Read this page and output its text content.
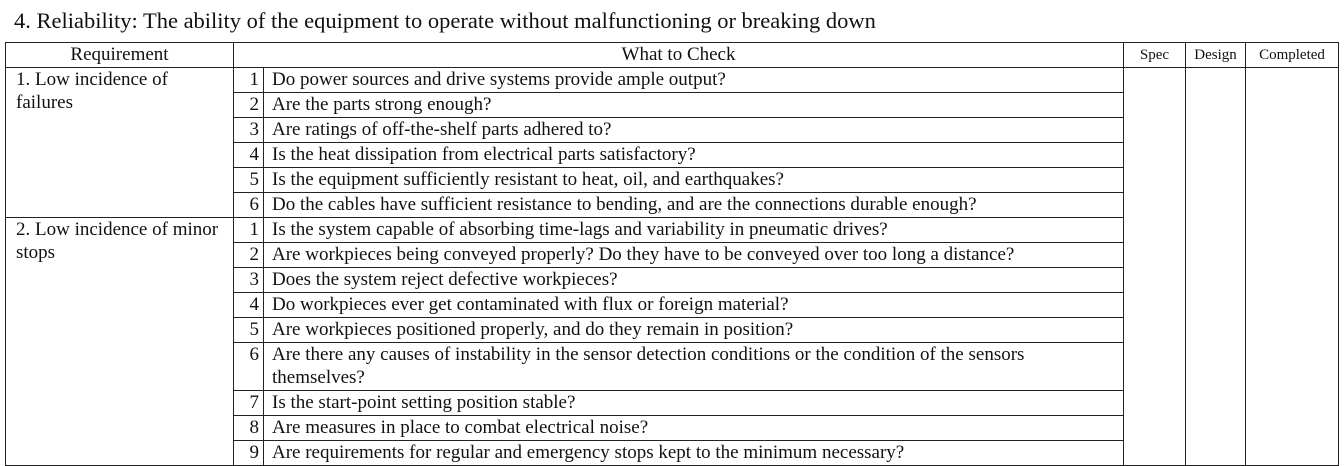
4. Reliability: The ability of the equipment to operate without malfunctioning or breaking down
Requirement	What to Check		Spec	Design	Completed
1. Low incidence of failures	1	Do power sources and drive systems provide ample output?			
	2	Are the parts strong enough?			
	3	Are ratings of off-the-shelf parts adhered to?			
	4	Is the heat dissipation from electrical parts satisfactory?			
	5	Is the equipment sufficiently resistant to heat, oil, and earthquakes?			
	6	Do the cables have sufficient resistance to bending, and are the connections durable enough?			
2. Low incidence of minor stops	1	Is the system capable of absorbing time-lags and variability in pneumatic drives?			
	2	Are workpieces being conveyed properly? Do they have to be conveyed over too long a distance?			
	3	Does the system reject defective workpieces?			
	4	Do workpieces ever get contaminated with flux or foreign material?			
	5	Are workpieces positioned properly, and do they remain in position?			
	6	Are there any causes of instability in the sensor detection conditions or the condition of the sensors themselves?			
	7	Is the start-point setting position stable?			
	8	Are measures in place to combat electrical noise?			
	9	Are requirements for regular and emergency stops kept to the minimum necessary?			
